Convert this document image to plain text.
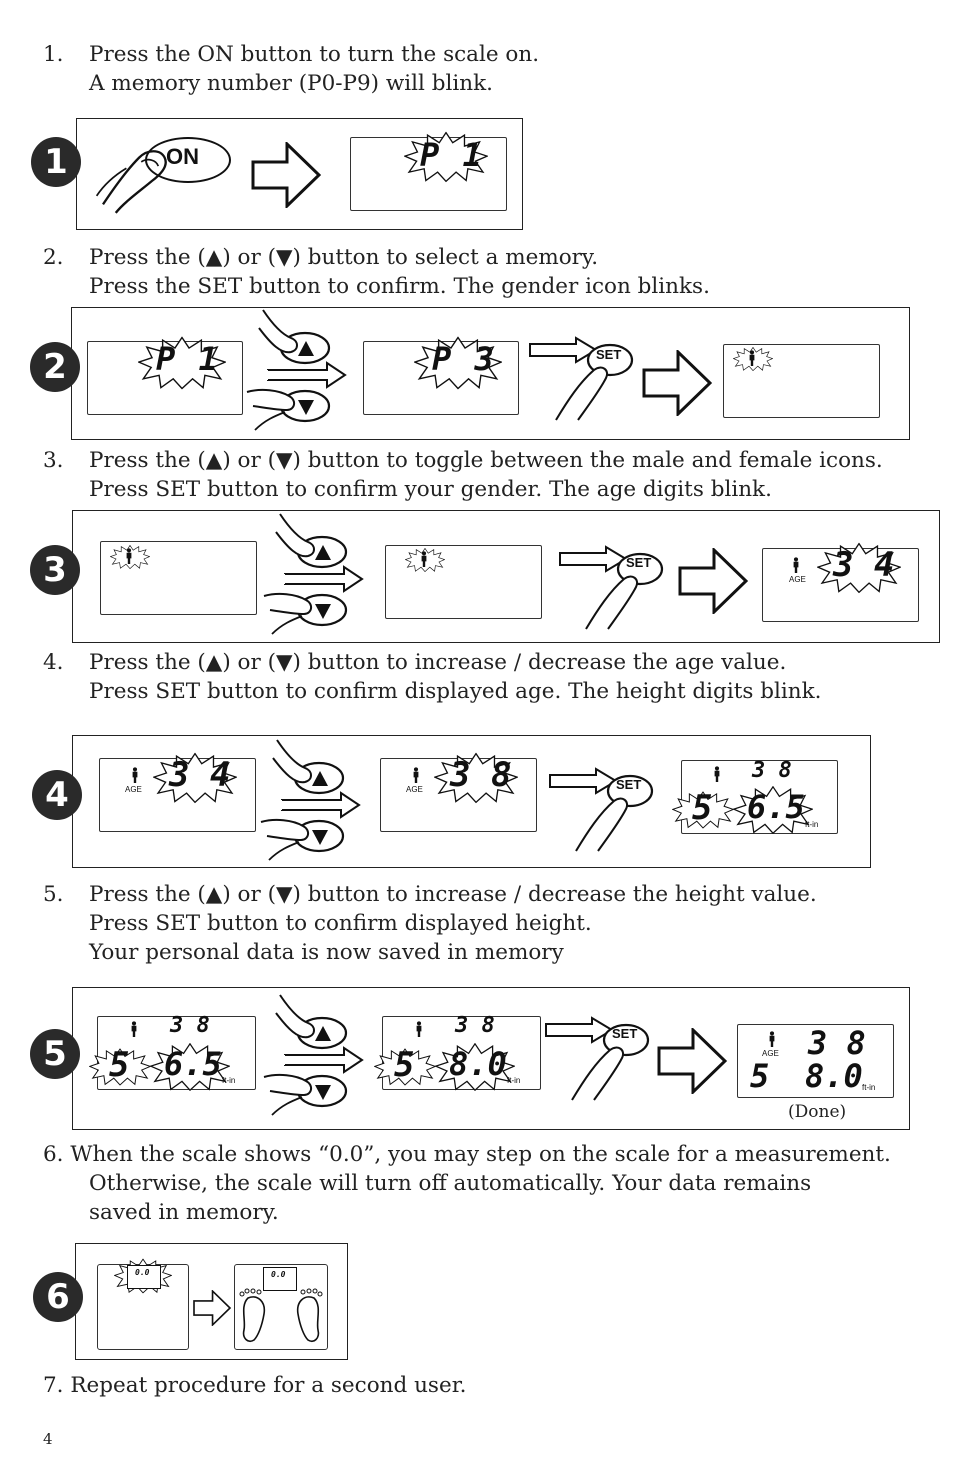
1. Press the ON button to turn the scale on.
A memory number (P0-P9) will blink.
1
2. Press the (▲) or (▼) button to select a memory.
Press the SET button to confirm. The gender icon blinks.
2
3. Press the (▲) or (▼) button to toggle between the male and female icons.
Press SET button to confirm your gender. The age digits blink.
3
4. Press the (▲) or (▼) button to increase / decrease the age value.
Press SET button to confirm displayed age. The height digits blink.
4
5. Press the (▲) or (▼) button to increase / decrease the height value.
Press SET button to confirm displayed height.
Your personal data is now saved in memory
5
6. When the scale shows “0.0”, you may step on the scale for a measurement.
Otherwise, the scale will turn off automatically. Your data remains
saved in memory.
6
7. Repeat procedure for a second user.
4
ON	P 1
P 1	P 3	SET
SET
AGE 3 4
AGE 3 4	AGE 3 8	SET
3 8
5 6.5 ft-in
3 8
5 6.5 ft-in
3 8
5 8.0 ft-in
SET
AGE 3 8
5 8.0 ft-in
(Done)
0.0	0.0
